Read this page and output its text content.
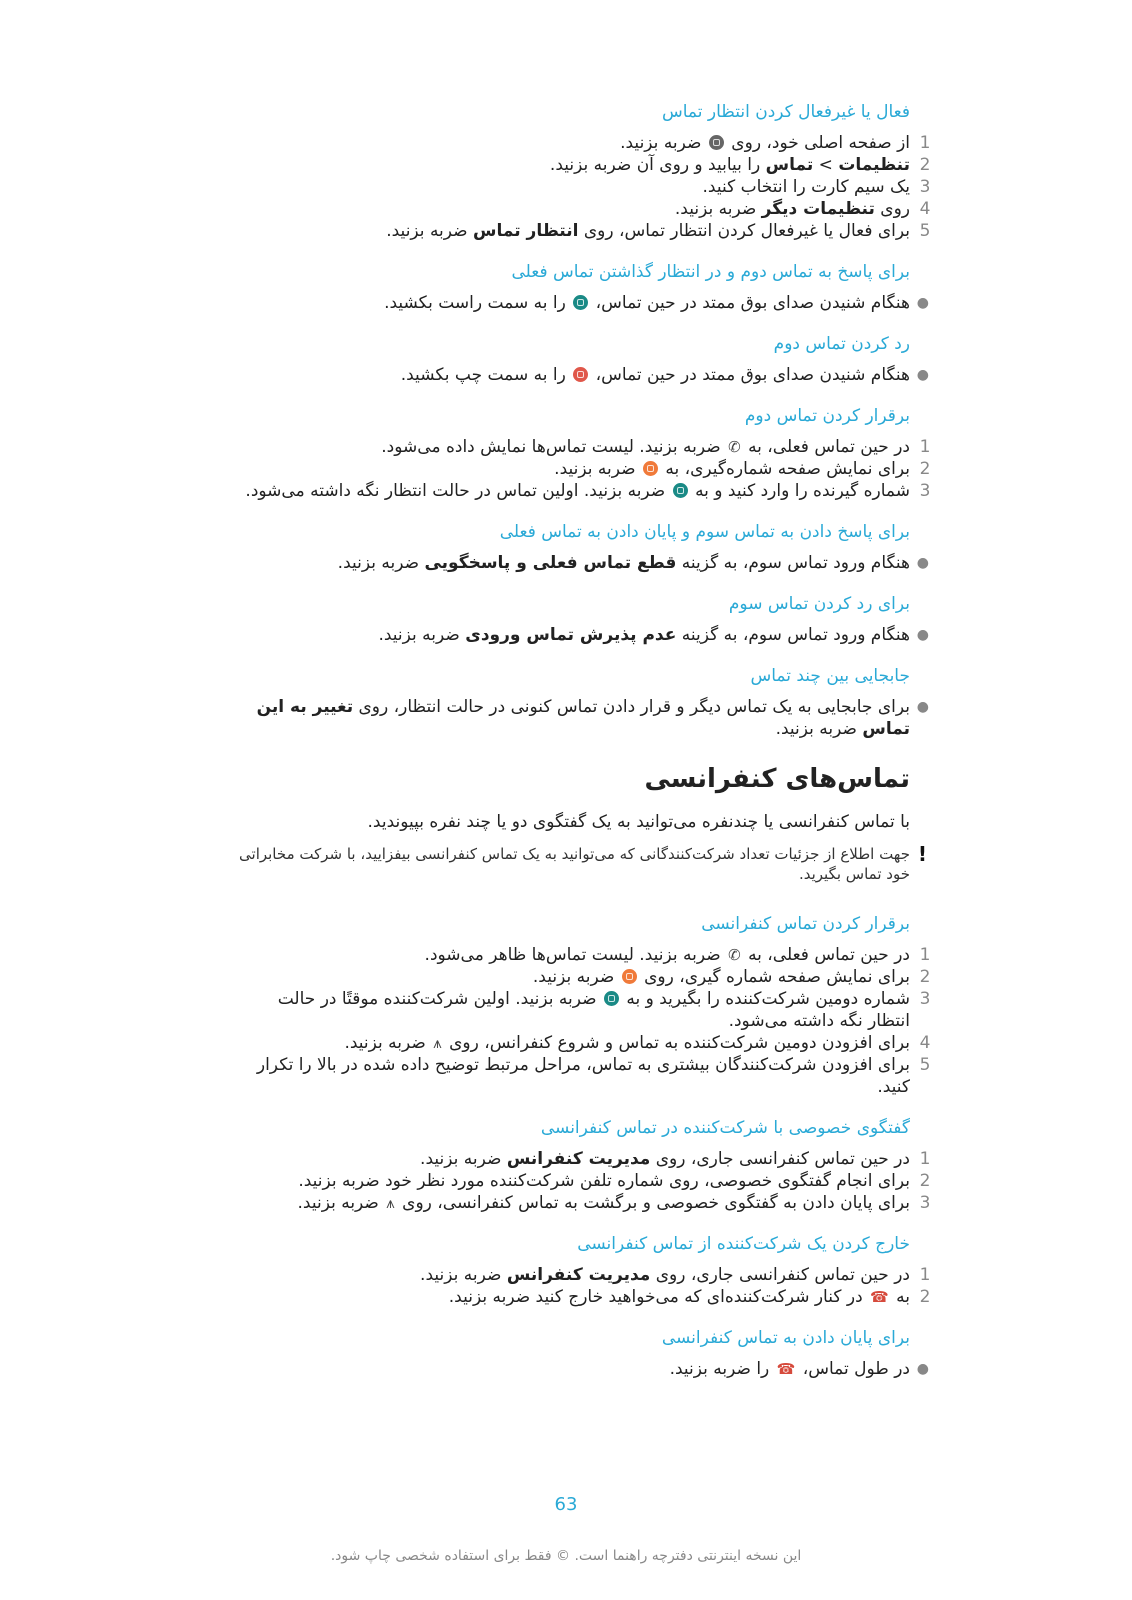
فعال یا غیرفعال کردن انتظار تماس
1
از صفحه اصلی خود، روی  ضربه بزنید.
2
تنظیمات > تماس را بیابید و روی آن ضربه بزنید.
3
یک سیم کارت را انتخاب کنید.
4
روی تنظیمات دیگر ضربه بزنید.
5
برای فعال یا غیرفعال کردن انتظار تماس، روی انتظار تماس ضربه بزنید.
برای پاسخ به تماس دوم و در انتظار گذاشتن تماس فعلی
●
هنگام شنیدن صدای بوق ممتد در حین تماس،  را به سمت راست بکشید.
رد کردن تماس دوم
●
هنگام شنیدن صدای بوق ممتد در حین تماس،  را به سمت چپ بکشید.
برقرار کردن تماس دوم
1
در حین تماس فعلی، به ✆ ضربه بزنید. لیست تماس‌ها نمایش داده می‌شود.
2
برای نمایش صفحه شماره‌گیری، به  ضربه بزنید.
3
شماره گیرنده را وارد کنید و به  ضربه بزنید. اولین تماس در حالت انتظار نگه داشته می‌شود.
برای پاسخ دادن به تماس سوم و پایان دادن به تماس فعلی
●
هنگام ورود تماس سوم، به گزینه قطع تماس فعلی و پاسخگویی ضربه بزنید.
برای رد کردن تماس سوم
●
هنگام ورود تماس سوم، به گزینه عدم پذیرش تماس ورودی ضربه بزنید.
جابجایی بین چند تماس
●
برای جابجایی به یک تماس دیگر و قرار دادن تماس کنونی در حالت انتظار، روی تغییر به این تماس ضربه بزنید.
تماس‌های کنفرانسی

با تماس کنفرانسی یا چندنفره می‌توانید به یک گفتگوی دو یا چند نفره بپیوندید.

!
جهت اطلاع از جزئیات تعداد شرکت‌کنندگانی که می‌توانید به یک تماس کنفرانسی بیفزایید، با شرکت مخابراتی خود تماس بگیرید.
برقرار کردن تماس کنفرانسی
1
در حین تماس فعلی، به ✆ ضربه بزنید. لیست تماس‌ها ظاهر می‌شود.
2
برای نمایش صفحه شماره گیری، روی  ضربه بزنید.
3
شماره دومین شرکت‌کننده را بگیرید و به  ضربه بزنید. اولین شرکت‌کننده موقتًا در حالت انتظار نگه داشته می‌شود.
4
برای افزودن دومین شرکت‌کننده به تماس و شروع کنفرانس، روی ⩚ ضربه بزنید.
5
برای افزودن شرکت‌کنندگان بیشتری به تماس، مراحل مرتبط توضیح داده شده در بالا را تکرار کنید.
گفتگوی خصوصی با شرکت‌کننده در تماس کنفرانسی
1
در حین تماس کنفرانسی جاری، روی مدیریت کنفرانس ضربه بزنید.
2
برای انجام گفتگوی خصوصی، روی شماره تلفن شرکت‌کننده مورد نظر خود ضربه بزنید.
3
برای پایان دادن به گفتگوی خصوصی و برگشت به تماس کنفرانسی، روی ⩚ ضربه بزنید.
خارج کردن یک شرکت‌کننده از تماس کنفرانسی
1
در حین تماس کنفرانسی جاری، روی مدیریت کنفرانس ضربه بزنید.
2
به ☎ در کنار شرکت‌کننده‌ای که می‌خواهید خارج کنید ضربه بزنید.
برای پایان دادن به تماس کنفرانسی
●
در طول تماس، ☎ را ضربه بزنید.
63
این نسخه اینترنتی دفترچه راهنما است. © فقط برای استفاده شخصی چاپ شود.
